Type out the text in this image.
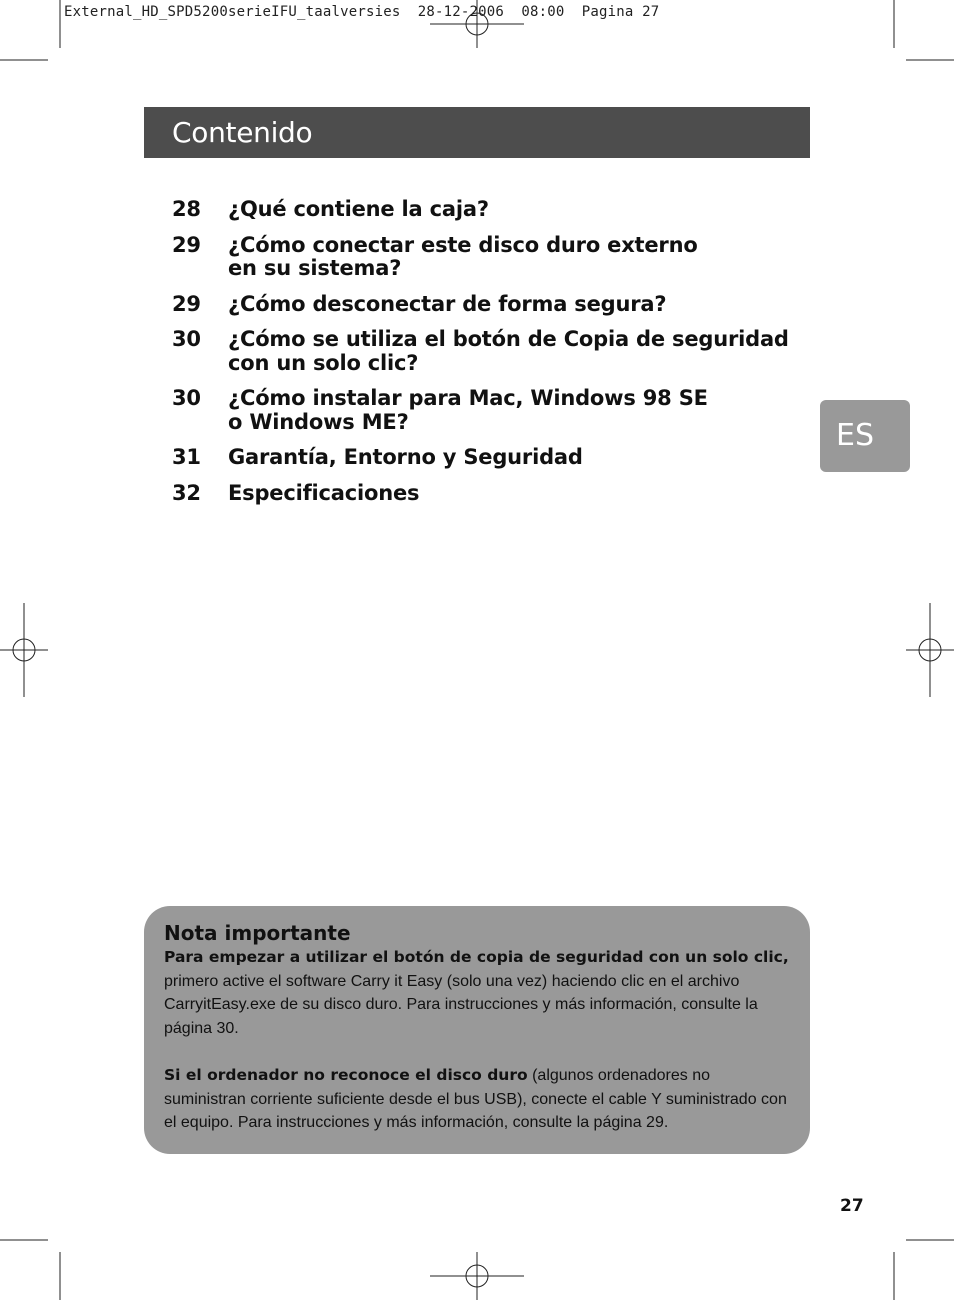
External_HD_SPD5200serieIFU_taalversies  28-12-2006  08:00  Pagina 27
Contenido
28	¿Qué contiene la caja?
29	¿Cómo conectar este disco duro externo
en su sistema?
29	¿Cómo desconectar de forma segura?
30	¿Cómo se utiliza el botón de Copia de seguridad
con un solo clic?
30	¿Cómo instalar para Mac, Windows 98 SE
o Windows ME?
31	Garantía, Entorno y Seguridad
32	Especificaciones
ES

Nota importante

Para empezar a utilizar el botón de copia de seguridad con un solo clic, primero active el software Carry it Easy (solo una vez) haciendo clic en el archivo CarryitEasy.exe de su disco duro. Para instrucciones y más información, consulte la página 30.

Si el ordenador no reconoce el disco duro (algunos ordenadores no suministran corriente suficiente desde el bus USB), conecte el cable Y suministrado con el equipo. Para instrucciones y más información, consulte la página 29.

27
